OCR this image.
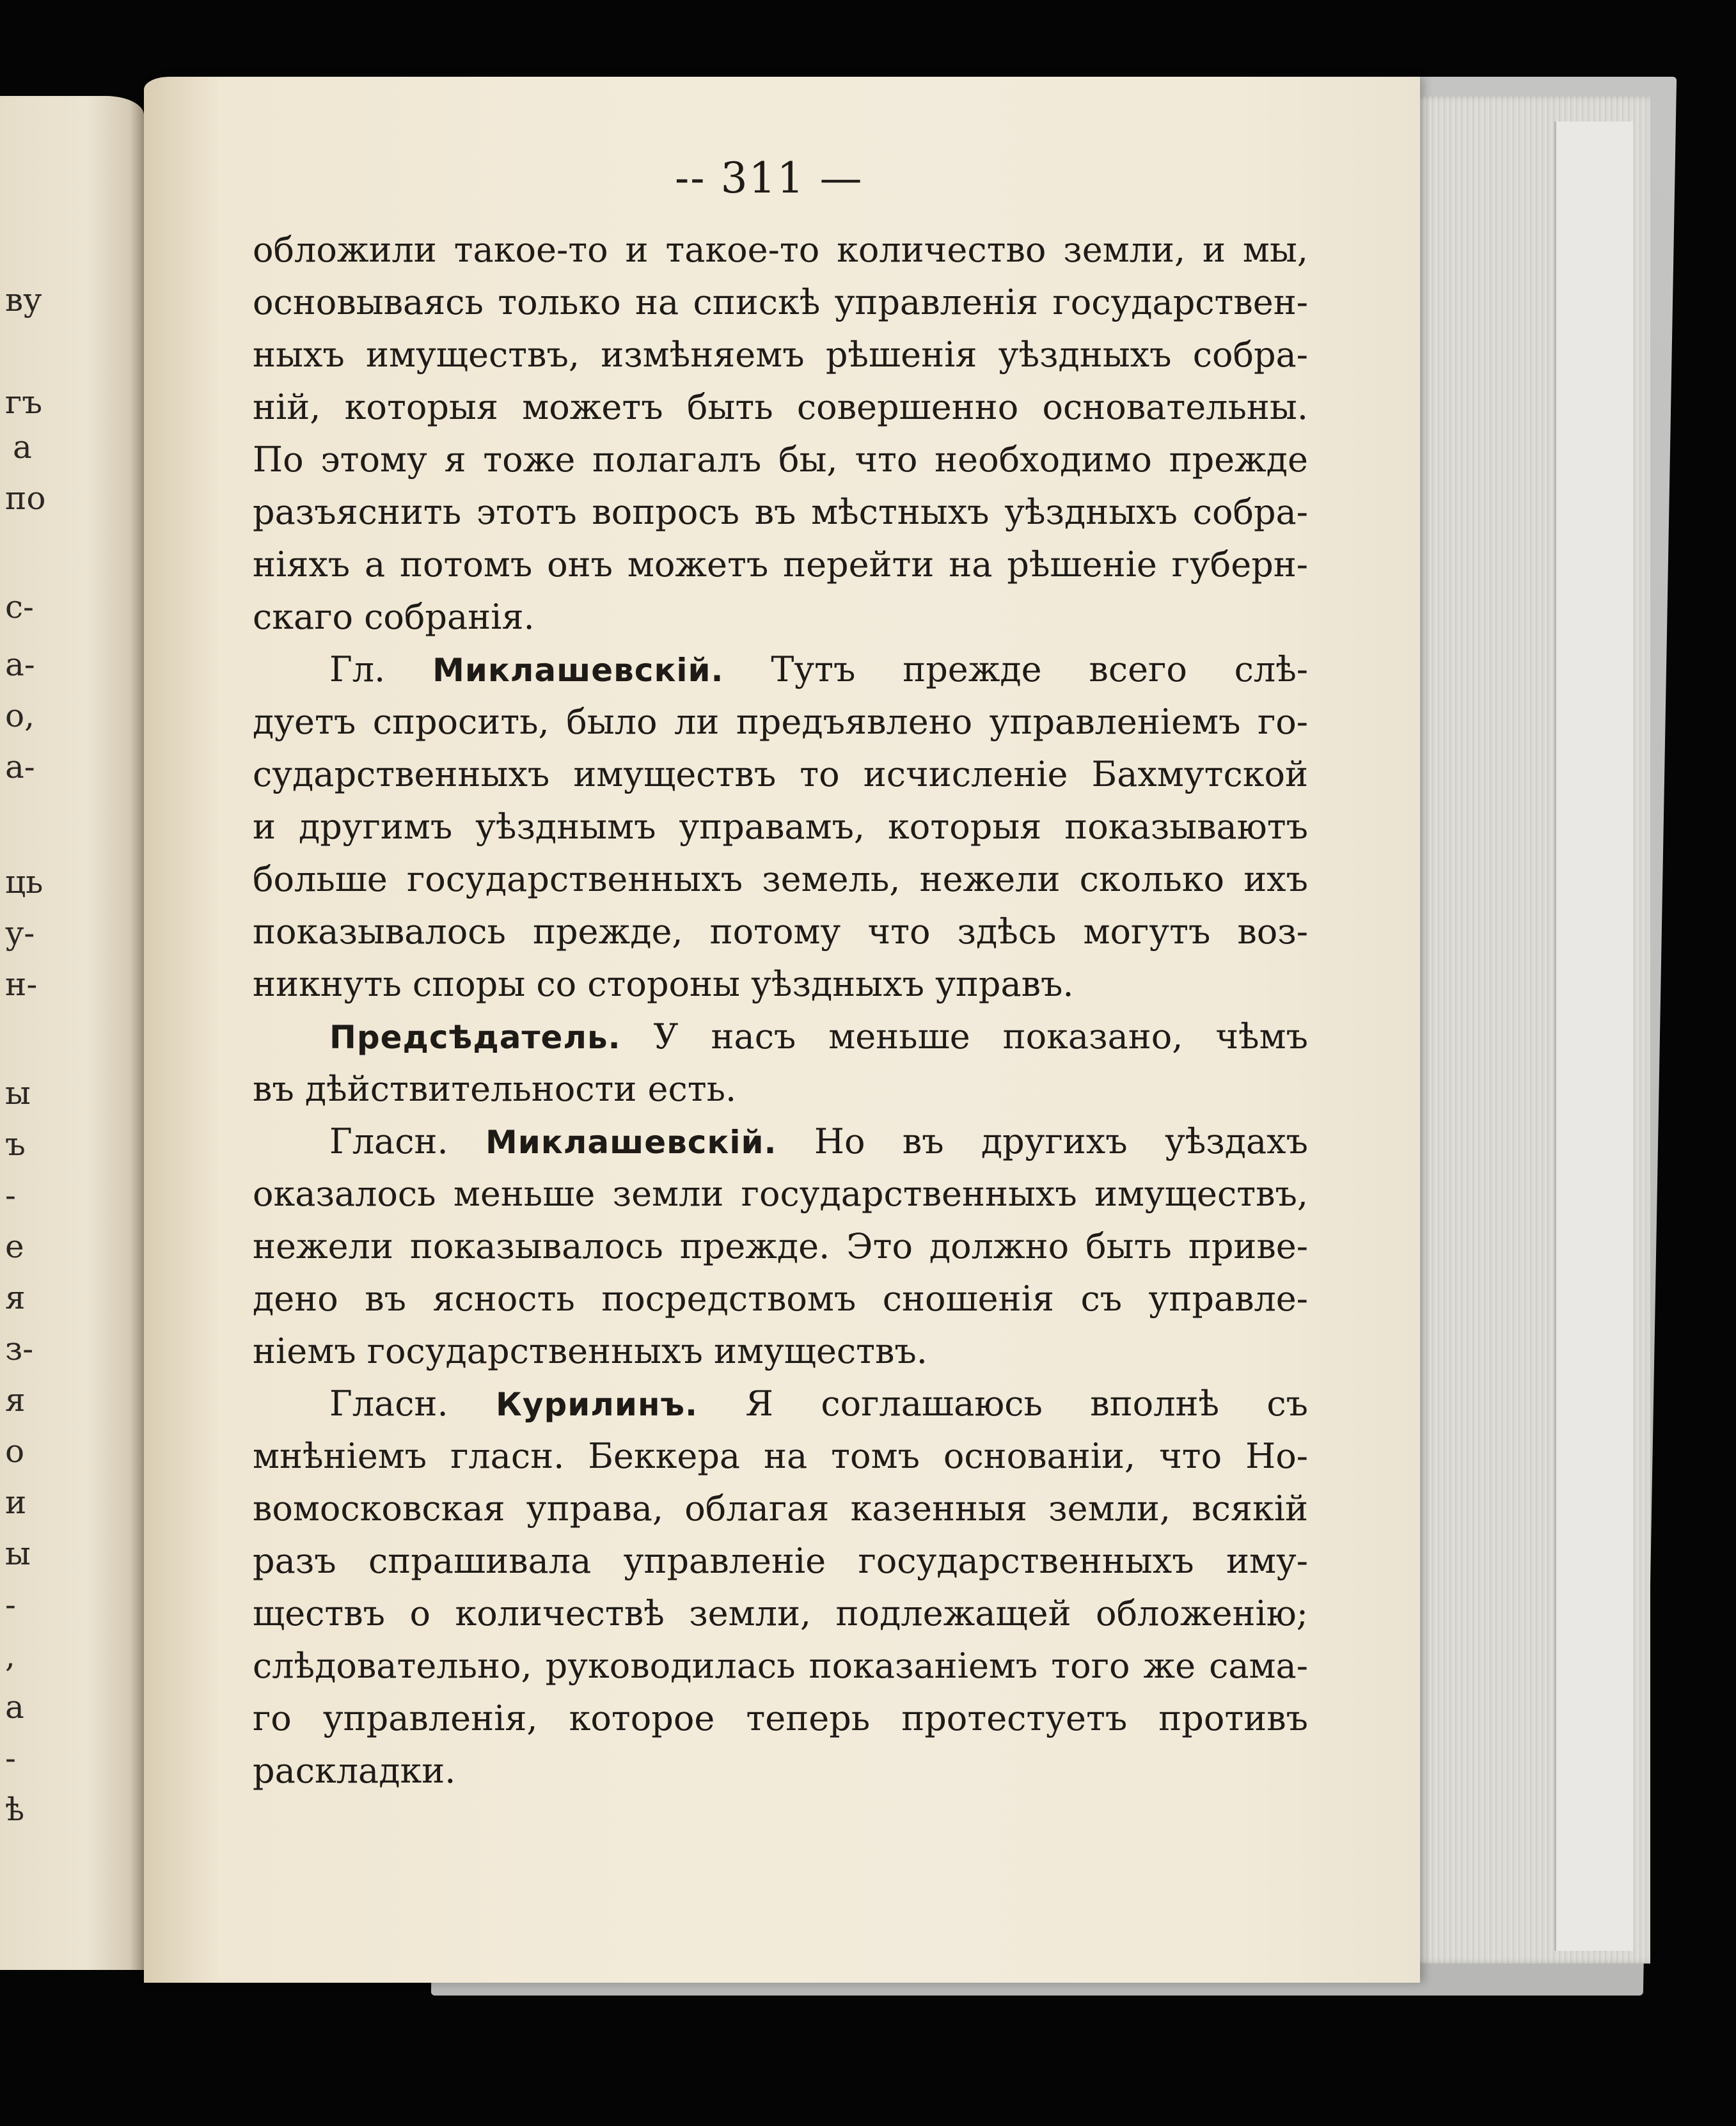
ву
гъ
а
по
с-
а-
о,
а-
ць
у-
н-
ы
ъ
-
е
я
з-
я
о
и
ы
-
,
а
-
ѣ
-- 311 —
обложили такое-то и такое-то количество земли, и мы,
основываясь только на спискѣ управленія государствен-
ныхъ имуществъ, измѣняемъ рѣшенія уѣздныхъ собра-
ній, которыя можетъ быть совершенно основательны.
По этому я тоже полагалъ бы, что необходимо прежде
разъяснить этотъ вопросъ въ мѣстныхъ уѣздныхъ собра-
ніяхъ а потомъ онъ можетъ перейти на рѣшеніе губерн-
скаго собранія.
Гл. Миклашевскій. Тутъ прежде всего слѣ-
дуетъ спросить, было ли предъявлено управленіемъ го-
сударственныхъ имуществъ то исчисленіе Бахмутской
и другимъ уѣзднымъ управамъ, которыя показываютъ
больше государственныхъ земель, нежели сколько ихъ
показывалось прежде, потому что здѣсь могутъ воз-
никнуть споры со стороны уѣздныхъ управъ.
Предсѣдатель. У насъ меньше показано, чѣмъ
въ дѣйствительности есть.
Гласн. Миклашевскій. Но въ другихъ уѣздахъ
оказалось меньше земли государственныхъ имуществъ,
нежели показывалось прежде. Это должно быть приве-
дено въ ясность посредствомъ сношенія съ управле-
ніемъ государственныхъ имуществъ.
Гласн. Курилинъ. Я соглашаюсь вполнѣ съ
мнѣніемъ гласн. Беккера на томъ основаніи, что Но-
вомосковская управа, облагая казенныя земли, всякій
разъ спрашивала управленіе государственныхъ иму-
ществъ о количествѣ земли, подлежащей обложенію;
слѣдовательно, руководилась показаніемъ того же сама-
го управленія, которое теперь протестуетъ противъ
раскладки.
